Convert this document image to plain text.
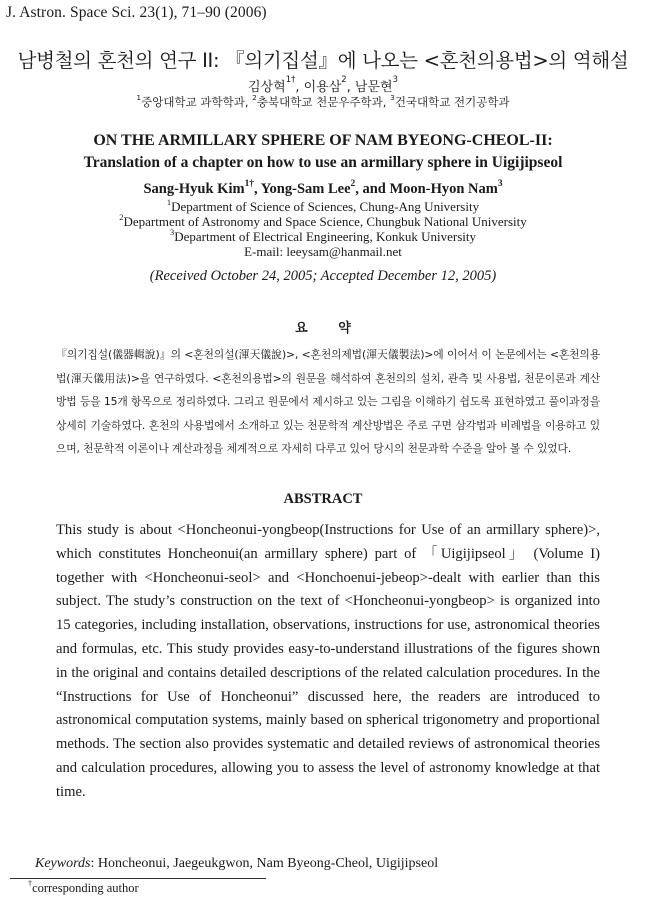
J. Astron. Space Sci. 23(1), 71–90 (2006)
남병철의 혼천의 연구 II: 『의기집설』에 나오는 <혼천의용법>의 역해설
김상혁$^{1\dagger}$, 이용삼$^2$, 남문현$^3$
$^1$중앙대학교 과학학과, $^2$충북대학교 천문우주학과, $^3$건국대학교 전기공학과
ON THE ARMILLARY SPHERE OF NAM BYEONG-CHEOL-II:
Translation of a chapter on how to use an armillary sphere in Uigijipseol
Sang-Hyuk Kim$^{1\dagger}$, Yong-Sam Lee$^2$, and Moon-Hyon Nam$^3$
$^1$Department of Science of Sciences, Chung-Ang University
$^2$Department of Astronomy and Space Science, Chungbuk National University
$^3$Department of Electrical Engineering, Konkuk University
E-mail: leeysam@hanmail.net
(Received October 24, 2005; Accepted December 12, 2005)
요 약
『의기집설(儀器輯說)』의 <혼천의설(渾天儀說)>, <혼천의제법(渾天儀製法)>에 이어서 이 논문에서는 <혼천의용법(渾天儀用法)>을 연구하였다. <혼천의용법>의 원문을 해석하여 혼천의의 설치, 관측 및 사용법, 천문이론과 계산방법 등을 15개 항목으로 정리하였다. 그리고 원문에서 제시하고 있는 그림을 이해하기 쉽도록 표현하였고 풀이과정을 상세히 기술하였다. 혼천의 사용법에서 소개하고 있는 천문학적 계산방법은 주로 구면 삼각법과 비례법을 이용하고 있으며, 천문학적 이론이나 계산과정을 체계적으로 자세히 다루고 있어 당시의 천문과학 수준을 알아 볼 수 있었다.
ABSTRACT
This study is about <Honcheonui-yongbeop(Instructions for Use of an armillary sphere)>, which constitutes Honcheonui(an armillary sphere) part of 「Uigijipseol」 (Volume I) together with <Honcheonui-seol> and <Honchoenui-jebeop>-dealt with earlier than this subject. The study’s construction on the text of <Honcheonui-yongbeop> is organized into 15 categories, including installation, observations, instructions for use, astronomical theories and formulas, etc. This study provides easy-to-understand illustrations of the figures shown in the original and contains detailed descriptions of the related calculation procedures. In the “Instructions for Use of Honcheonui” discussed here, the readers are introduced to astronomical computation systems, mainly based on spherical trigonometry and proportional methods. The section also provides systematic and detailed reviews of astronomical theories and calculation procedures, allowing you to assess the level of astronomy knowledge at that time.
Keywords: Honcheonui, Jaegeukgwon, Nam Byeong-Cheol, Uigijipseol
†corresponding author
